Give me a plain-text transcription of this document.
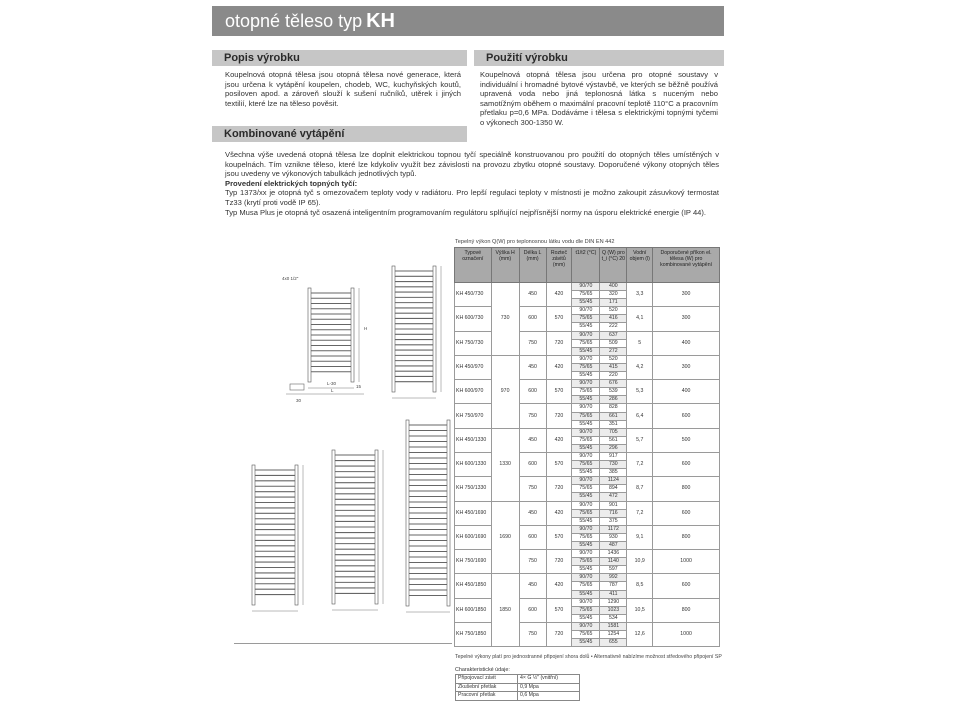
otopné těleso typ KH
Popis výrobku
Koupelnová otopná tělesa jsou otopná tělesa nové generace, která jsou určena k vytápění koupelen, chodeb, WC, kuchyňských koutů, posiloven apod. a zároveň slouží k sušení ručníků, utěrek i jiných textilií, které lze na těleso pověsit.
Použití výrobku
Koupelnová otopná tělesa jsou určena pro otopné soustavy v individuální i hromadné bytové výstavbě, ve kterých se běžně používá upravená voda nebo jiná teplonosná látka s nuceným nebo samotížným oběhem o maximální pracovní teplotě 110°C a pracovním přetlaku p=0,6 MPa. Dodáváme i tělesa s elektrickými topnými tyčemi o výkonech 300-1350 W.
Kombinované vytápění
Všechna výše uvedená otopná tělesa lze doplnit elektrickou topnou tyčí speciálně konstruovanou pro použití do otopných těles umístěných v koupelnách. Tím vznikne těleso, které lze kdykoliv využít bez závislosti na provozu zbytku otopné soustavy. Doporučené výkony otopných těles jsou uvedeny ve výkonových tabulkách jednotlivých typů.
Provedení elektrických topných tyčí:
Typ 1373/xx je otopná tyč s omezovačem teploty vody v radiátoru. Pro lepší regulaci teploty v místnosti je možno zakoupit zásuvkový termostat Tz33 (krytí proti vodě IP 65).
Typ Musa Plus je otopná tyč osazená inteligentním programovaním regulátoru splňující nejpřísnější normy na úsporu elektrické energie (IP 44).
4x0 1/2"
L-30
L
H
30
15
Tepelný výkon Q(W) pro teplonosnou látku vodu dle DIN EN 442
Typové označení	Výška H (mm)	Délka L (mm)	Rozteč závitů (mm)	t1/t2 (°C)	Q (W) pro t_i (°C) 20	Vodní objem (l)	Doporučené příkon el. tělesa (W) pro kombinované vytápění
KH 450/730	730	450	420	90/70	400	3,3	300
				75/65	320		
				55/45	171		
KH 600/730		600	570	90/70	520	4,1	300
				75/65	416		
				55/45	222		
KH 750/730		750	720	90/70	637	5	400
				75/65	509		
				55/45	272		
KH 450/970	970	450	420	90/70	520	4,2	300
				75/65	415		
				55/45	220		
KH 600/970		600	570	90/70	676	5,3	400
				75/65	539		
				55/45	286		
KH 750/970		750	720	90/70	828	6,4	600
				75/65	661		
				55/45	351		
KH 450/1330	1330	450	420	90/70	705	5,7	500
				75/65	561		
				55/45	296		
KH 600/1330		600	570	90/70	917	7,2	600
				75/65	730		
				55/45	385		
KH 750/1330		750	720	90/70	1124	8,7	800
				75/65	894		
				55/45	472		
KH 450/1690	1690	450	420	90/70	901	7,2	600
				75/65	716		
				55/45	375		
KH 600/1690		600	570	90/70	1172	9,1	800
				75/65	930		
				55/45	487		
KH 750/1690		750	720	90/70	1436	10,9	1000
				75/65	1140		
				55/45	597		
KH 450/1850	1850	450	420	90/70	992	8,5	600
				75/65	787		
				55/45	411		
KH 600/1850		600	570	90/70	1290	10,5	800
				75/65	1023		
				55/45	534		
KH 750/1850		750	720	90/70	1581	12,6	1000
				75/65	1254		
				55/45	655		
Tepelné výkony platí pro jednostranné připojení shora dolů • Alternativně nabízíme možnost středového připojení SP
Charakteristické údaje:
Připojovací závit	4× G ½" (vnitřní)
Zkušební přetlak	0,9 Mpa
Pracovní přetlak	0,6 Mpa
